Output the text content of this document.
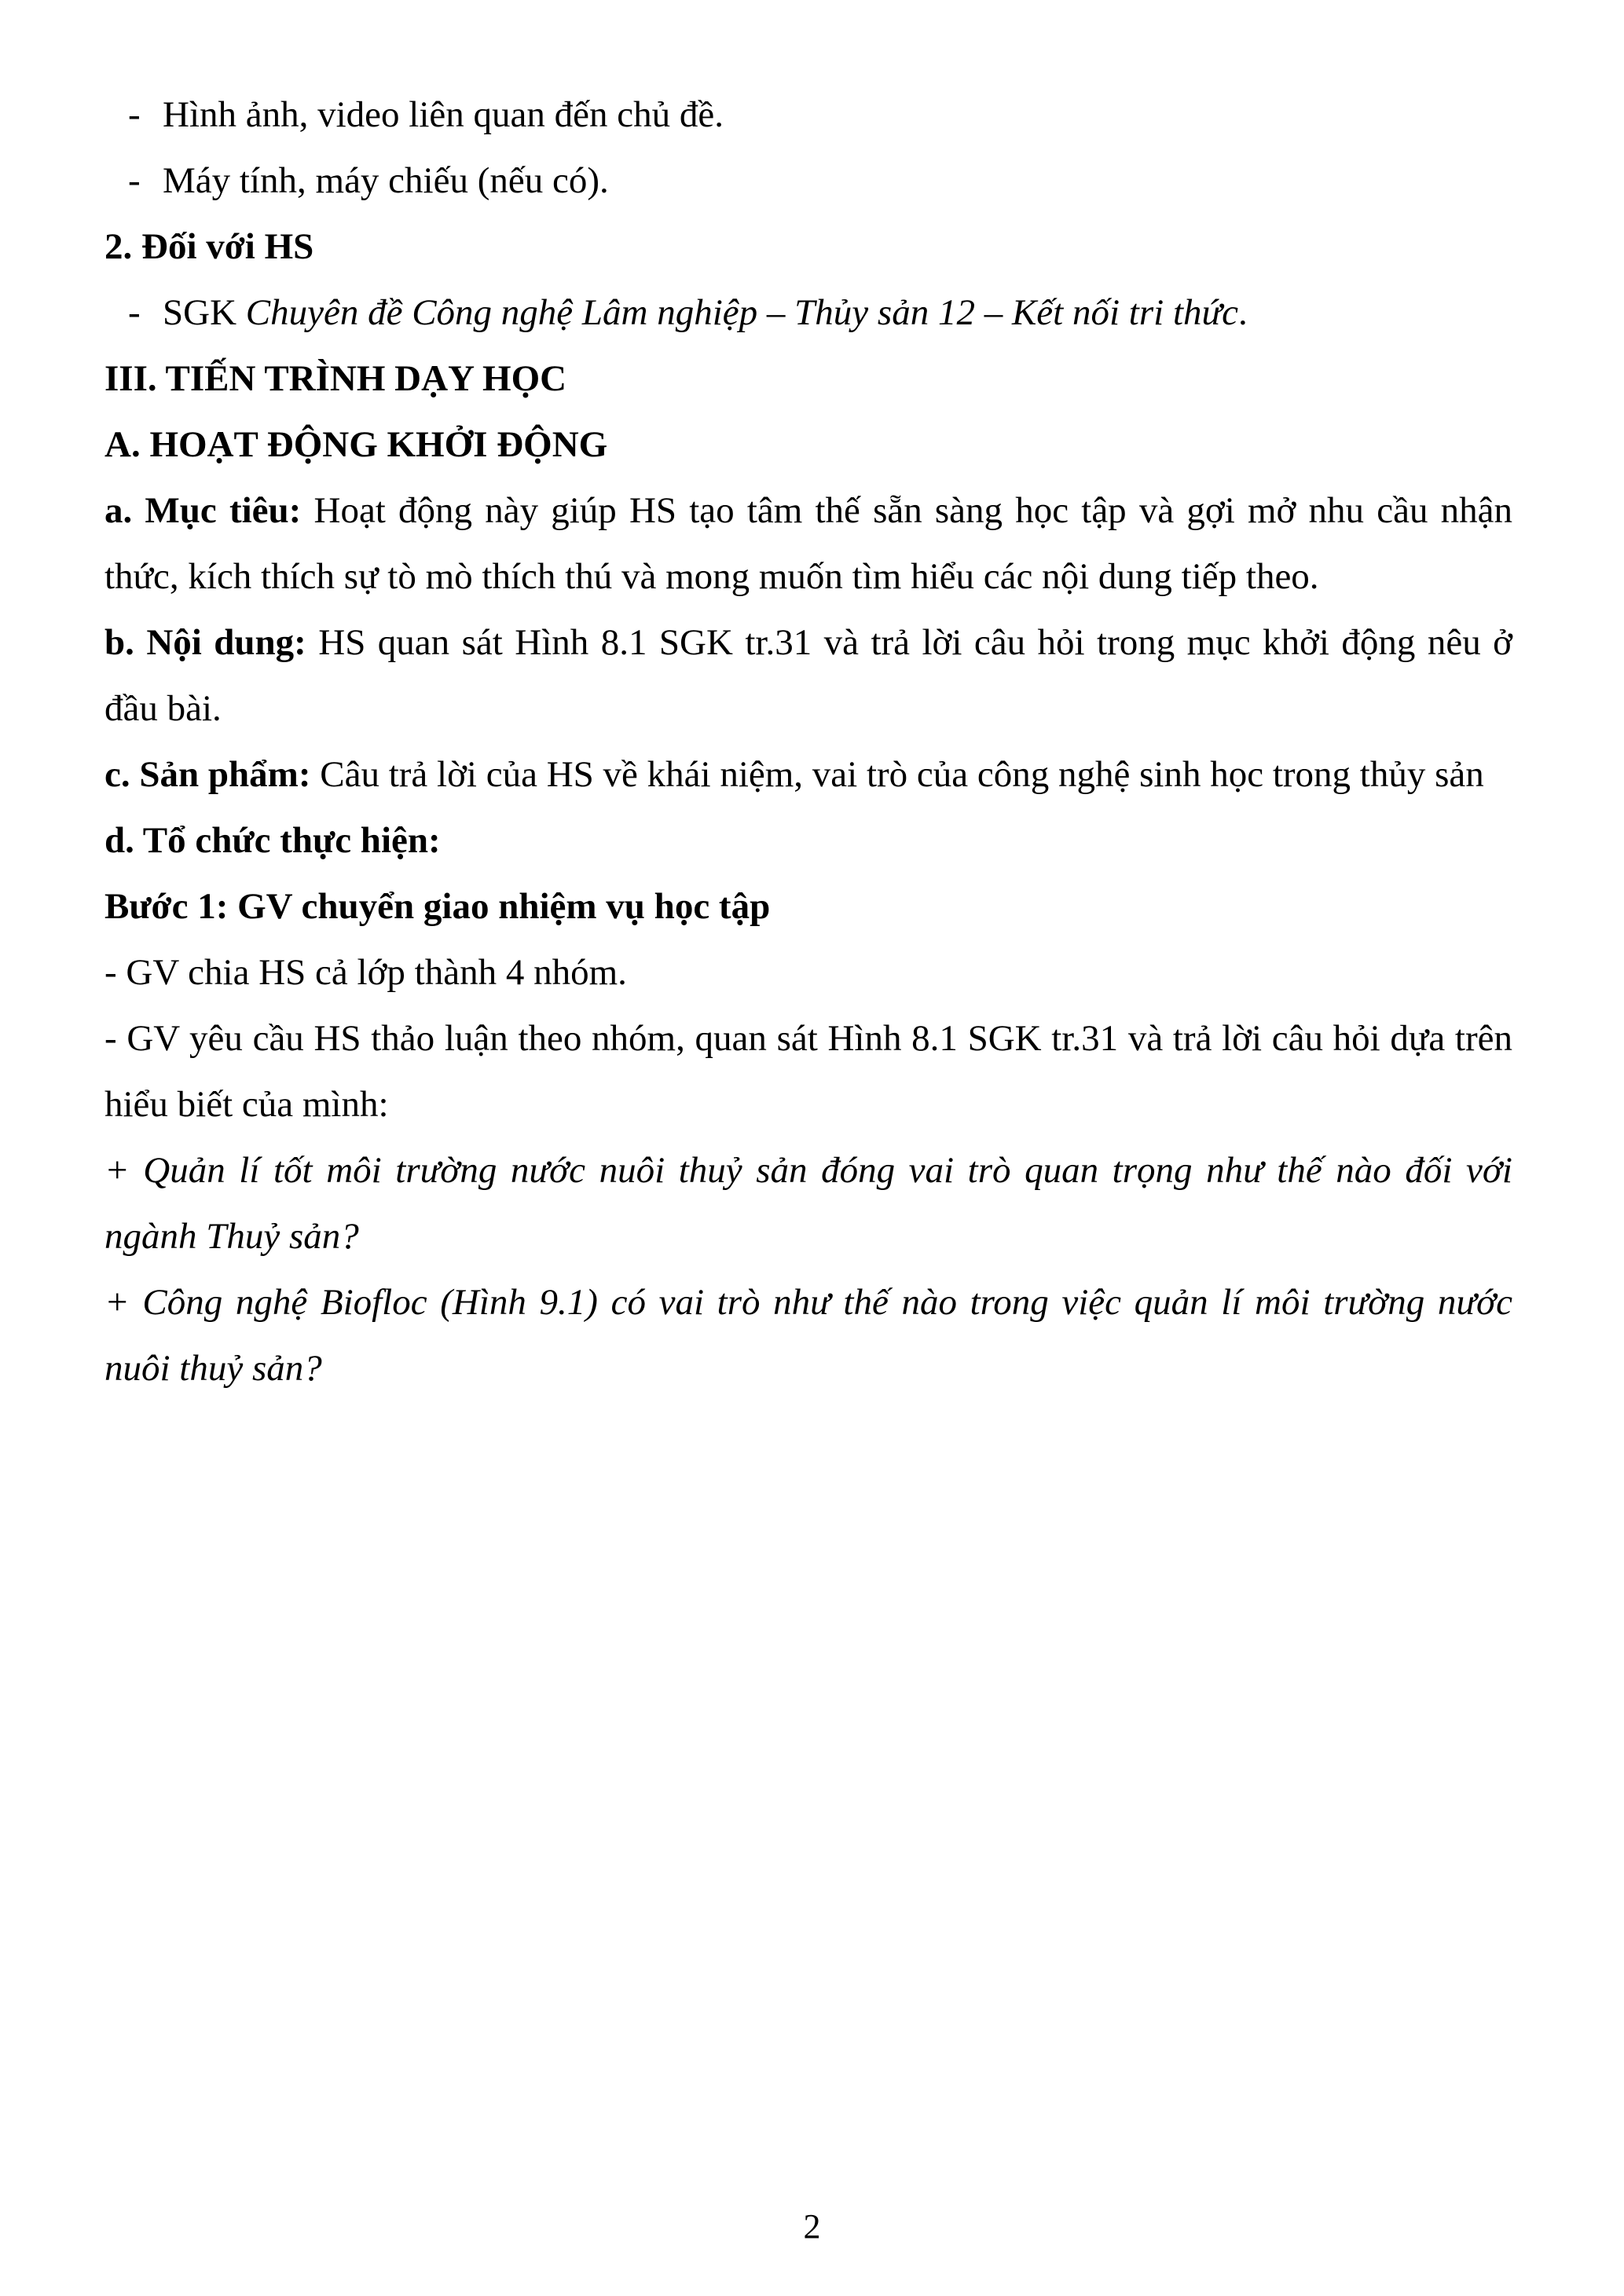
- Hình ảnh, video liên quan đến chủ đề.

- Máy tính, máy chiếu (nếu có).

2. Đối với HS

- SGK Chuyên đề Công nghệ Lâm nghiệp – Thủy sản 12 – Kết nối tri thức.

III. TIẾN TRÌNH DẠY HỌC

A. HOẠT ĐỘNG KHỞI ĐỘNG

a. Mục tiêu: Hoạt động này giúp HS tạo tâm thế sẵn sàng học tập và gợi mở nhu cầu nhận thức, kích thích sự tò mò thích thú và mong muốn tìm hiểu các nội dung tiếp theo.

b. Nội dung: HS quan sát Hình 8.1 SGK tr.31 và trả lời câu hỏi trong mục khởi động nêu ở đầu bài.

c. Sản phẩm: Câu trả lời của HS về khái niệm, vai trò của công nghệ sinh học trong thủy sản

d. Tổ chức thực hiện:

Bước 1: GV chuyển giao nhiệm vụ học tập

- GV chia HS cả lớp thành 4 nhóm.

- GV yêu cầu HS thảo luận theo nhóm, quan sát Hình 8.1 SGK tr.31 và trả lời câu hỏi dựa trên hiểu biết của mình:

+ Quản lí tốt môi trường nước nuôi thuỷ sản đóng vai trò quan trọng như thế nào đối với ngành Thuỷ sản?

+ Công nghệ Biofloc (Hình 9.1) có vai trò như thế nào trong việc quản lí môi trường nước nuôi thuỷ sản?

2
